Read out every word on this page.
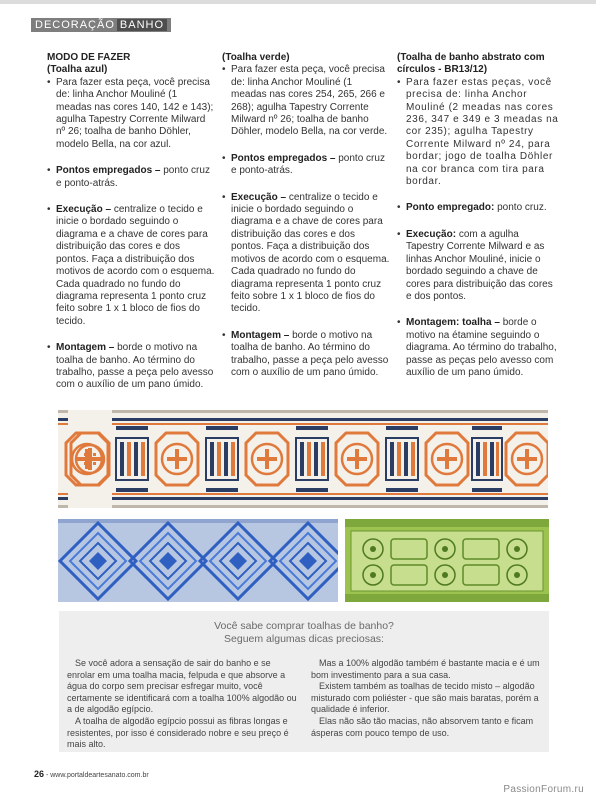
DECORAÇÃO BANHO
MODO DE FAZER
(Toalha azul)
• Para fazer esta peça, você precisa de: linha Anchor Mouliné (1 meadas nas cores 140, 142 e 143); agulha Tapestry Corrente Milward nº 26; toalha de banho Döhler, modelo Bella, na cor azul.
• Pontos empregados – ponto cruz e ponto-atrás.
• Execução – centralize o tecido e inicie o bordado seguindo o diagrama e a chave de cores para distribuição das cores e dos pontos. Faça a distribuição dos motivos de acordo com o esquema. Cada quadrado no fundo do diagrama representa 1 ponto cruz feito sobre 1 x 1 bloco de fios do tecido.
• Montagem – borde o motivo na toalha de banho. Ao término do trabalho, passe a peça pelo avesso com o auxílio de um pano úmido.
(Toalha verde)
• Para fazer esta peça, você precisa de: linha Anchor Mouliné (1 meadas nas cores 254, 265, 266 e 268); agulha Tapestry Corrente Milward nº 26; toalha de banho Döhler, modelo Bella, na cor verde.
• Pontos empregados – ponto cruz e ponto-atrás.
• Execução – centralize o tecido e inicie o bordado seguindo o diagrama e a chave de cores para distribuição das cores e dos pontos. Faça a distribuição dos motivos de acordo com o esquema. Cada quadrado no fundo do diagrama representa 1 ponto cruz feito sobre 1 x 1 bloco de fios do tecido.
• Montagem – borde o motivo na toalha de banho. Ao término do trabalho, passe a peça pelo avesso com o auxílio de um pano úmido.
(Toalha de banho abstrato com círculos - BR13/12)
• Para fazer estas peças, você precisa de: linha Anchor Mouliné (2 meadas nas cores 236, 347 e 349 e 3 meadas na cor 235); agulha Tapestry Corrente Milward nº 24, para bordar; jogo de toalha Döhler na cor branca com tira para bordar.
• Ponto empregado: ponto cruz.
• Execução: com a agulha Tapestry Corrente Milward e as linhas Anchor Mouliné, inicie o bordado seguindo a chave de cores para distribuição das cores e dos pontos.
• Montagem: toalha – borde o motivo na étamine seguindo o diagrama. Ao término do trabalho, passe as peças pelo avesso com auxílio de um pano úmido.
Você sabe comprar toalhas de banho?
Seguem algumas dicas preciosas:

Se você adora a sensação de sair do banho e se enrolar em uma toalha macia, felpuda e que absorve a água do corpo sem precisar esfregar muito, você certamente se identificará com a toalha 100% algodão ou a de algodão egípcio.

A toalha de algodão egípcio possui as fibras longas e resistentes, por isso é considerado nobre e seu preço é mais alto.

Mas a 100% algodão também é bastante macia e é um bom investimento para a sua casa.

Existem também as toalhas de tecido misto – algodão misturado com poliéster - que são mais baratas, porém a qualidade é inferior.

Elas não são tão macias, não absorvem tanto e ficam ásperas com pouco tempo de uso.

26 - www.portaldeartesanato.com.br
PassionForum.ru
